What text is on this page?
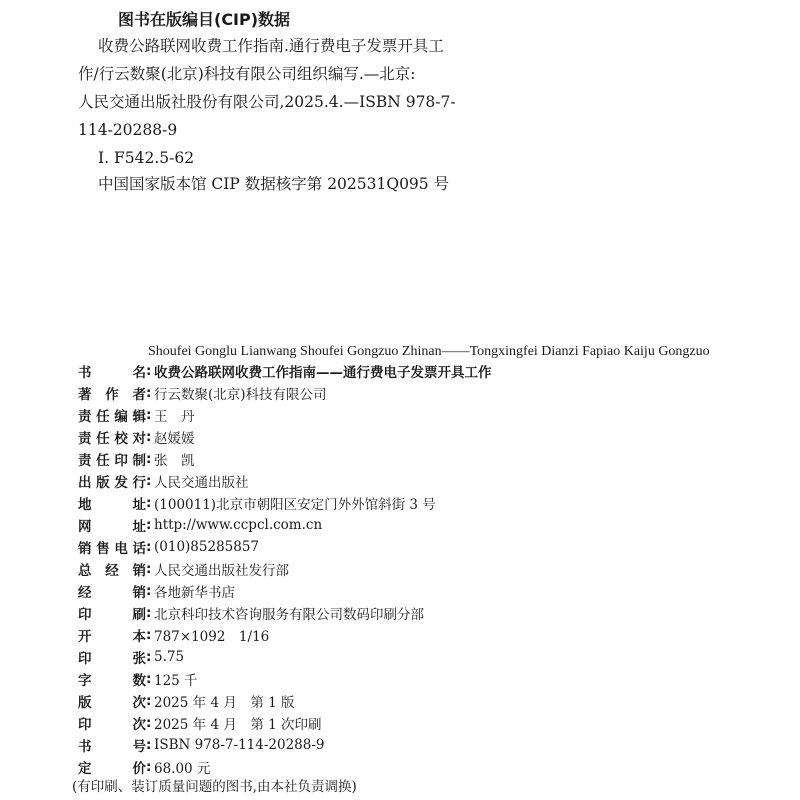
图书在版编目(CIP)数据
收费公路联网收费工作指南.通行费电子发票开具工
作/行云数聚(北京)科技有限公司组织编写.—北京:
人民交通出版社股份有限公司,2025.4.—ISBN 978-7-
114-20288-9
Ⅰ. F542.5-62
中国国家版本馆 CIP 数据核字第 202531Q095 号
Shoufei Gonglu Lianwang Shoufei Gongzuo Zhinan——Tongxingfei Dianzi Fapiao Kaiju Gongzuo
书	名 : 收费公路联网收费工作指南——通行费电子发票开具工作
著 作 者 : 行云数聚(北京)科技有限公司
责 任 编 辑 : 王　丹
责 任 校 对 : 赵媛媛
责 任 印 制 : 张　凯
出 版 发 行 : 人民交通出版社
地	址 : (100011)北京市朝阳区安定门外外馆斜街 3 号
网	址 : http://www.ccpcl.com.cn
销 售 电 话 : (010)85285857
总 经 销 : 人民交通出版社发行部
经	销 : 各地新华书店
印	刷 : 北京科印技术咨询服务有限公司数码印刷分部
开	本 : 787×1092　1/16
印	张 : 5.75
字	数 : 125 千
版	次 : 2025 年 4 月　第 1 版
印	次 : 2025 年 4 月　第 1 次印刷
书	号 : ISBN 978-7-114-20288-9
定	价 : 68.00 元
(有印刷、装订质量问题的图书,由本社负责调换)
